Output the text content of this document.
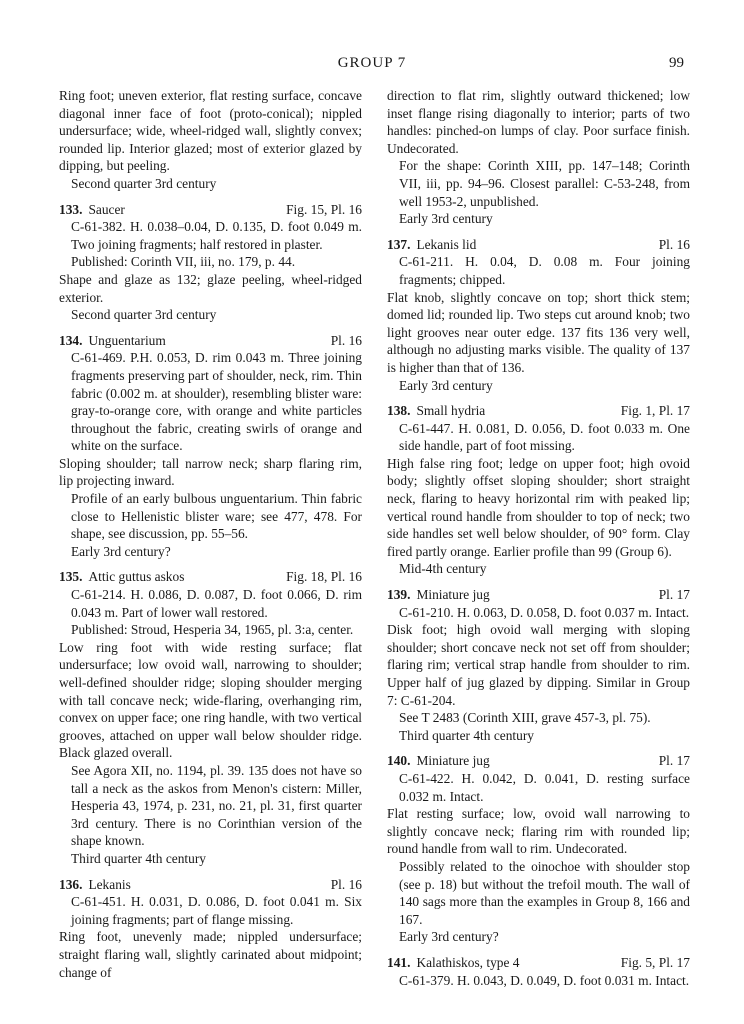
GROUP 7	99

Ring foot; uneven exterior, flat resting surface, concave diagonal inner face of foot (proto-conical); nippled undersurface; wide, wheel-ridged wall, slightly convex; rounded lip. Interior glazed; most of exterior glazed by dipping, but peeling.

Second quarter 3rd century

133. Saucer	Fig. 15, Pl. 16

C-61-382. H. 0.038–0.04, D. 0.135, D. foot 0.049 m. Two joining fragments; half restored in plaster.

Published: Corinth VII, iii, no. 179, p. 44.

Shape and glaze as 132; glaze peeling, wheel-ridged exterior.

Second quarter 3rd century

134. Unguentarium	Pl. 16

C-61-469. P.H. 0.053, D. rim 0.043 m. Three joining fragments preserving part of shoulder, neck, rim. Thin fabric (0.002 m. at shoulder), resembling blister ware: gray-to-orange core, with orange and white particles throughout the fabric, creating swirls of orange and white on the surface.

Sloping shoulder; tall narrow neck; sharp flaring rim, lip projecting inward.

Profile of an early bulbous unguentarium. Thin fabric close to Hellenistic blister ware; see 477, 478. For shape, see discussion, pp. 55–56.

Early 3rd century?

135. Attic guttus askos	Fig. 18, Pl. 16

C-61-214. H. 0.086, D. 0.087, D. foot 0.066, D. rim 0.043 m. Part of lower wall restored.

Published: Stroud, Hesperia 34, 1965, pl. 3:a, center.

Low ring foot with wide resting surface; flat undersurface; low ovoid wall, narrowing to shoulder; well-defined shoulder ridge; sloping shoulder merging with tall concave neck; wide-flaring, overhanging rim, convex on upper face; one ring handle, with two vertical grooves, attached on upper wall below shoulder ridge. Black glazed overall.

See Agora XII, no. 1194, pl. 39. 135 does not have so tall a neck as the askos from Menon's cistern: Miller, Hesperia 43, 1974, p. 231, no. 21, pl. 31, first quarter 3rd century. There is no Corinthian version of the shape known.

Third quarter 4th century

136. Lekanis	Pl. 16

C-61-451. H. 0.031, D. 0.086, D. foot 0.041 m. Six joining fragments; part of flange missing.

Ring foot, unevenly made; nippled undersurface; straight flaring wall, slightly carinated about midpoint; change of

direction to flat rim, slightly outward thickened; low inset flange rising diagonally to interior; parts of two handles: pinched-on lumps of clay. Poor surface finish. Undecorated.

For the shape: Corinth XIII, pp. 147–148; Corinth VII, iii, pp. 94–96. Closest parallel: C-53-248, from well 1953-2, unpublished.

Early 3rd century

137. Lekanis lid	Pl. 16

C-61-211. H. 0.04, D. 0.08 m. Four joining fragments; chipped.

Flat knob, slightly concave on top; short thick stem; domed lid; rounded lip. Two steps cut around knob; two light grooves near outer edge. 137 fits 136 very well, although no adjusting marks visible. The quality of 137 is higher than that of 136.

Early 3rd century

138. Small hydria	Fig. 1, Pl. 17

C-61-447. H. 0.081, D. 0.056, D. foot 0.033 m. One side handle, part of foot missing.

High false ring foot; ledge on upper foot; high ovoid body; slightly offset sloping shoulder; short straight neck, flaring to heavy horizontal rim with peaked lip; vertical round handle from shoulder to top of neck; two side handles set well below shoulder, of 90° form. Clay fired partly orange. Earlier profile than 99 (Group 6).

Mid-4th century

139. Miniature jug	Pl. 17

C-61-210. H. 0.063, D. 0.058, D. foot 0.037 m. Intact.

Disk foot; high ovoid wall merging with sloping shoulder; short concave neck not set off from shoulder; flaring rim; vertical strap handle from shoulder to rim. Upper half of jug glazed by dipping. Similar in Group 7: C-61-204.

See T 2483 (Corinth XIII, grave 457-3, pl. 75).

Third quarter 4th century

140. Miniature jug	Pl. 17

C-61-422. H. 0.042, D. 0.041, D. resting surface 0.032 m. Intact.

Flat resting surface; low, ovoid wall narrowing to slightly concave neck; flaring rim with rounded lip; round handle from wall to rim. Undecorated.

Possibly related to the oinochoe with shoulder stop (see p. 18) but without the trefoil mouth. The wall of 140 sags more than the examples in Group 8, 166 and 167.

Early 3rd century?

141. Kalathiskos, type 4	Fig. 5, Pl. 17

C-61-379. H. 0.043, D. 0.049, D. foot 0.031 m. Intact.
